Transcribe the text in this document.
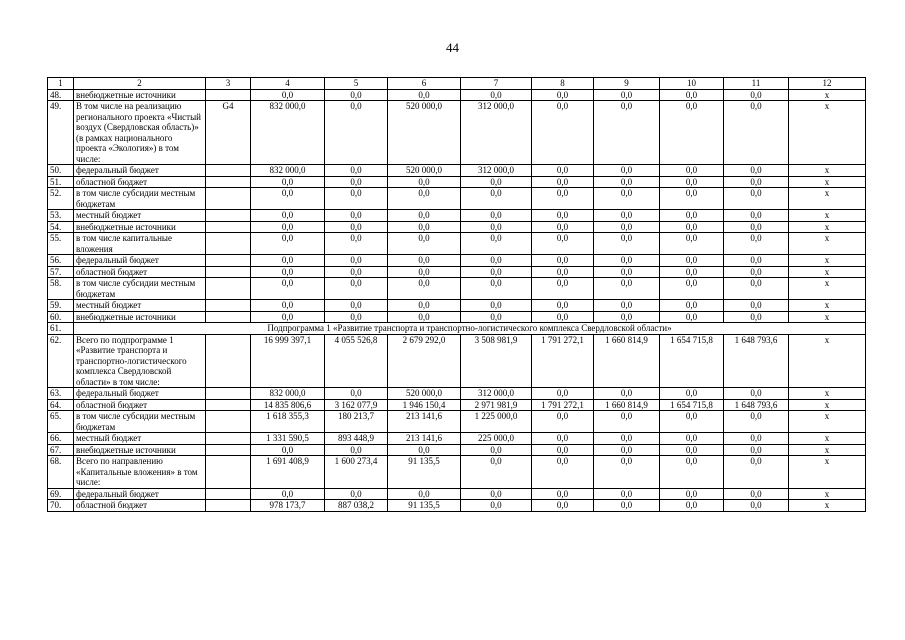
44
1	2	3	4	5	6	7	8	9	10	11	12
48.	внебюджетные источники		0,0	0,0	0,0	0,0	0,0	0,0	0,0	0,0	х
49.	В том числе на реализацию регионального проекта «Чистый воздух (Свердловская область)» (в рамках национального проекта «Экология») в том числе:	G4	832 000,0	0,0	520 000,0	312 000,0	0,0	0,0	0,0	0,0	х
50.	федеральный бюджет		832 000,0	0,0	520 000,0	312 000,0	0,0	0,0	0,0	0,0	х
51.	областной бюджет		0,0	0,0	0,0	0,0	0,0	0,0	0,0	0,0	х
52.	в том числе субсидии местным бюджетам		0,0	0,0	0,0	0,0	0,0	0,0	0,0	0,0	х
53.	местный бюджет		0,0	0,0	0,0	0,0	0,0	0,0	0,0	0,0	х
54.	внебюджетные источники		0,0	0,0	0,0	0,0	0,0	0,0	0,0	0,0	х
55.	в том числе капитальные вложения		0,0	0,0	0,0	0,0	0,0	0,0	0,0	0,0	х
56.	федеральный бюджет		0,0	0,0	0,0	0,0	0,0	0,0	0,0	0,0	х
57.	областной бюджет		0,0	0,0	0,0	0,0	0,0	0,0	0,0	0,0	х
58.	в том числе субсидии местным бюджетам		0,0	0,0	0,0	0,0	0,0	0,0	0,0	0,0	х
59.	местный бюджет		0,0	0,0	0,0	0,0	0,0	0,0	0,0	0,0	х
60.	внебюджетные источники		0,0	0,0	0,0	0,0	0,0	0,0	0,0	0,0	х
61.	Подпрограмма 1 «Развитие транспорта и транспортно-логистического комплекса Свердловской области»										
62.	Всего по подпрограмме 1 «Развитие транспорта и транспортно-логистического комплекса Свердловской области» в том числе:		16 999 397,1	4 055 526,8	2 679 292,0	3 508 981,9	1 791 272,1	1 660 814,9	1 654 715,8	1 648 793,6	х
63.	федеральный бюджет		832 000,0	0,0	520 000,0	312 000,0	0,0	0,0	0,0	0,0	х
64.	областной бюджет		14 835 806,6	3 162 077,9	1 946 150,4	2 971 981,9	1 791 272,1	1 660 814,9	1 654 715,8	1 648 793,6	х
65.	в том числе субсидии местным бюджетам		1 618 355,3	180 213,7	213 141,6	1 225 000,0	0,0	0,0	0,0	0,0	х
66.	местный бюджет		1 331 590,5	893 448,9	213 141,6	225 000,0	0,0	0,0	0,0	0,0	х
67.	внебюджетные источники		0,0	0,0	0,0	0,0	0,0	0,0	0,0	0,0	х
68.	Всего по направлению «Капитальные вложения» в том числе:		1 691 408,9	1 600 273,4	91 135,5	0,0	0,0	0,0	0,0	0,0	х
69.	федеральный бюджет		0,0	0,0	0,0	0,0	0,0	0,0	0,0	0,0	х
70.	областной бюджет		978 173,7	887 038,2	91 135,5	0,0	0,0	0,0	0,0	0,0	х
